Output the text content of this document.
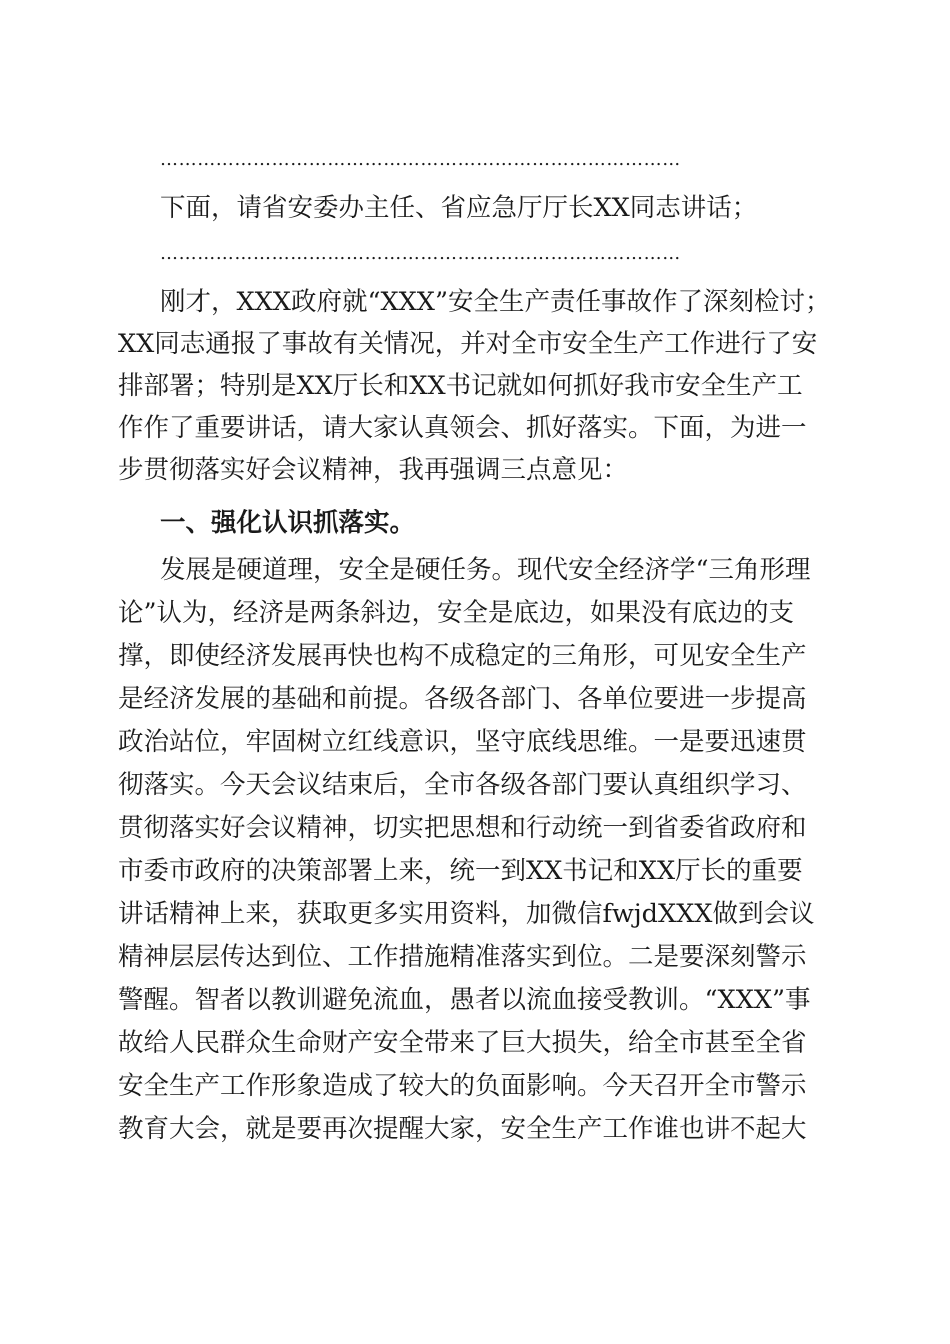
…………………………………………………………………………
下面，请省安委办主任、省应急厅厅长XX同志讲话；
…………………………………………………………………………
刚才，XXX政府就“XXX”安全生产责任事故作了深刻检讨；
XX同志通报了事故有关情况，并对全市安全生产工作进行了安
排部署；特别是XX厅长和XX书记就如何抓好我市安全生产工
作作了重要讲话，请大家认真领会、抓好落实。下面，为进一
步贯彻落实好会议精神，我再强调三点意见：
一、强化认识抓落实。
发展是硬道理，安全是硬任务。现代安全经济学“三角形理
论”认为，经济是两条斜边，安全是底边，如果没有底边的支
撑，即使经济发展再快也构不成稳定的三角形，可见安全生产
是经济发展的基础和前提。各级各部门、各单位要进一步提高
政治站位，牢固树立红线意识，坚守底线思维。一是要迅速贯
彻落实。今天会议结束后，全市各级各部门要认真组织学习、
贯彻落实好会议精神，切实把思想和行动统一到省委省政府和
市委市政府的决策部署上来，统一到XX书记和XX厅长的重要
讲话精神上来，获取更多实用资料，加微信fwjdXXX做到会议
精神层层传达到位、工作措施精准落实到位。二是要深刻警示
警醒。智者以教训避免流血，愚者以流血接受教训。“XXX”事
故给人民群众生命财产安全带来了巨大损失，给全市甚至全省
安全生产工作形象造成了较大的负面影响。今天召开全市警示
教育大会，就是要再次提醒大家，安全生产工作谁也讲不起大
